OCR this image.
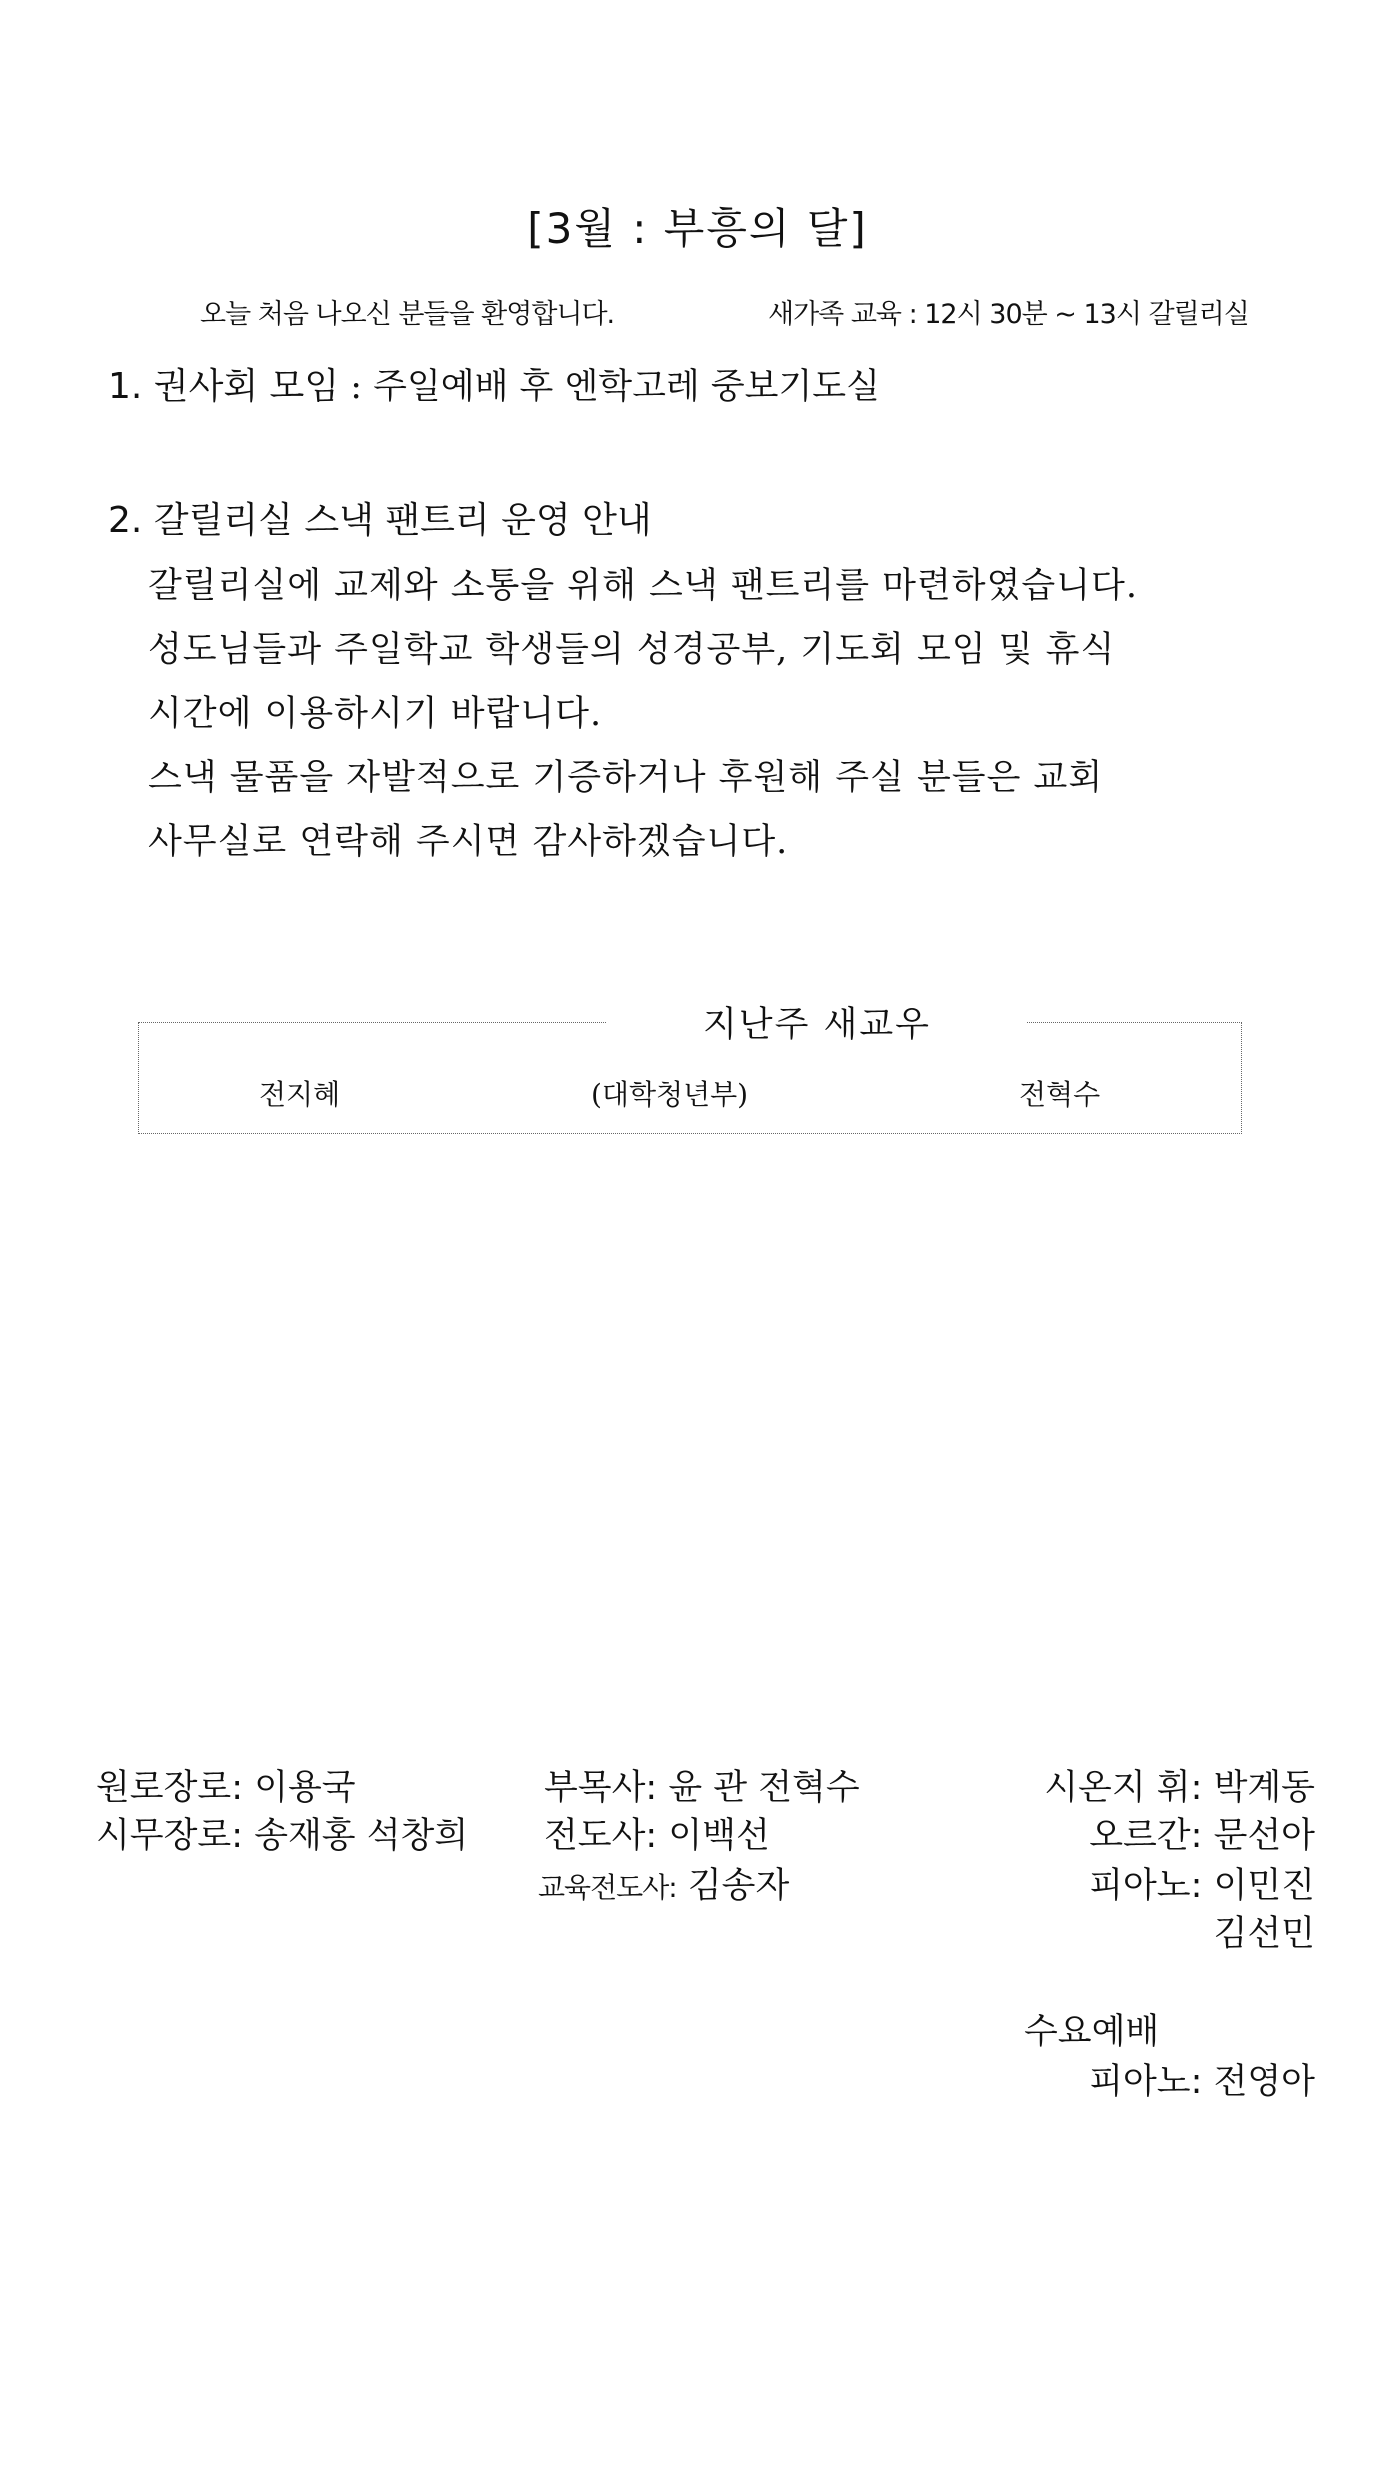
[3월 : 부흥의 달]
오늘 처음 나오신 분들을 환영합니다.	새가족 교육 : 12시 30분 ~ 13시 갈릴리실
1. 권사회 모임 : 주일예배 후 엔학고레 중보기도실
2. 갈릴리실 스낵 팬트리 운영 안내
갈릴리실에 교제와 소통을 위해 스낵 팬트리를 마련하였습니다.
성도님들과 주일학교 학생들의 성경공부, 기도회 모임 및 휴식
시간에 이용하시기 바랍니다.
스낵 물품을 자발적으로 기증하거나 후원해 주실 분들은 교회
사무실로 연락해 주시면 감사하겠습니다.
지난주 새교우
전지혜	(대학청년부)	전혁수
원로장로: 이용국
시무장로: 송재홍 석창희
부목사: 윤 관 전혁수
전도사: 이백선
교육전도사: 김송자
시온지 휘: 박계동
오르간: 문선아
피아노: 이민진
김선민
수요예배
피아노: 전영아
